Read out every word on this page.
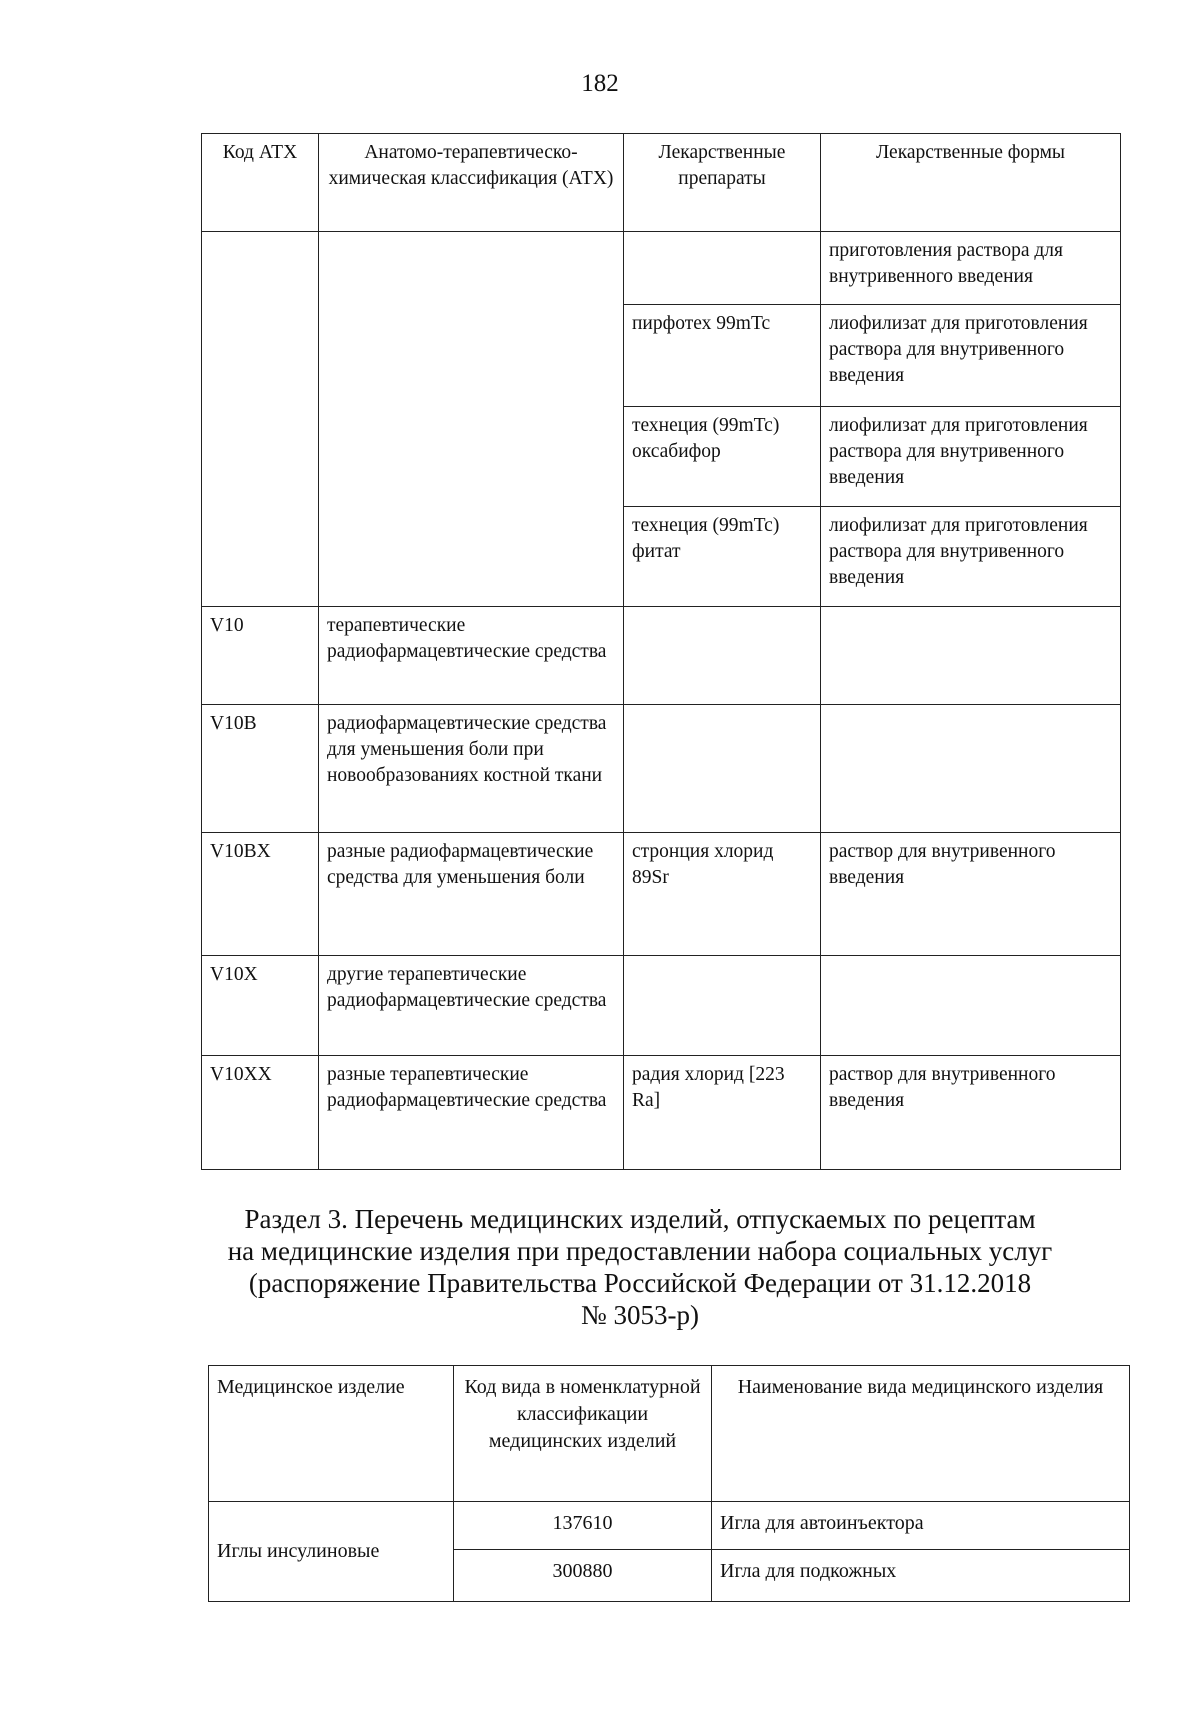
182
Код АТХ	Анатомо-терапевтическо-химическая классификация (АТХ)	Лекарственные препараты	Лекарственные формы
			приготовления раствора для внутривенного введения
		пирфотех 99mTc	лиофилизат для приготовления раствора для внутривенного введения
		технеция (99mTc) оксабифор	лиофилизат для приготовления раствора для внутривенного введения
		технеция (99mTc) фитат	лиофилизат для приготовления раствора для внутривенного введения
V10	терапевтические радиофармацевтические средства		
V10B	радиофармацевтические средства для уменьшения боли при новообразованиях костной ткани		
V10BX	разные радиофармацевтические средства для уменьшения боли	стронция хлорид 89Sr	раствор для внутривенного введения
V10X	другие терапевтические радиофармацевтические средства		
V10XX	разные терапевтические радиофармацевтические средства	радия хлорид [223 Ra]	раствор для внутривенного введения
Раздел 3. Перечень медицинских изделий, отпускаемых по рецептам
на медицинские изделия при предоставлении набора социальных услуг
(распоряжение Правительства Российской Федерации от 31.12.2018
№ 3053-р)
Медицинское изделие	Код вида в номенклатурной классификации медицинских изделий	Наименование вида медицинского изделия
Иглы инсулиновые	137610	Игла для автоинъектора
	300880	Игла для подкожных
